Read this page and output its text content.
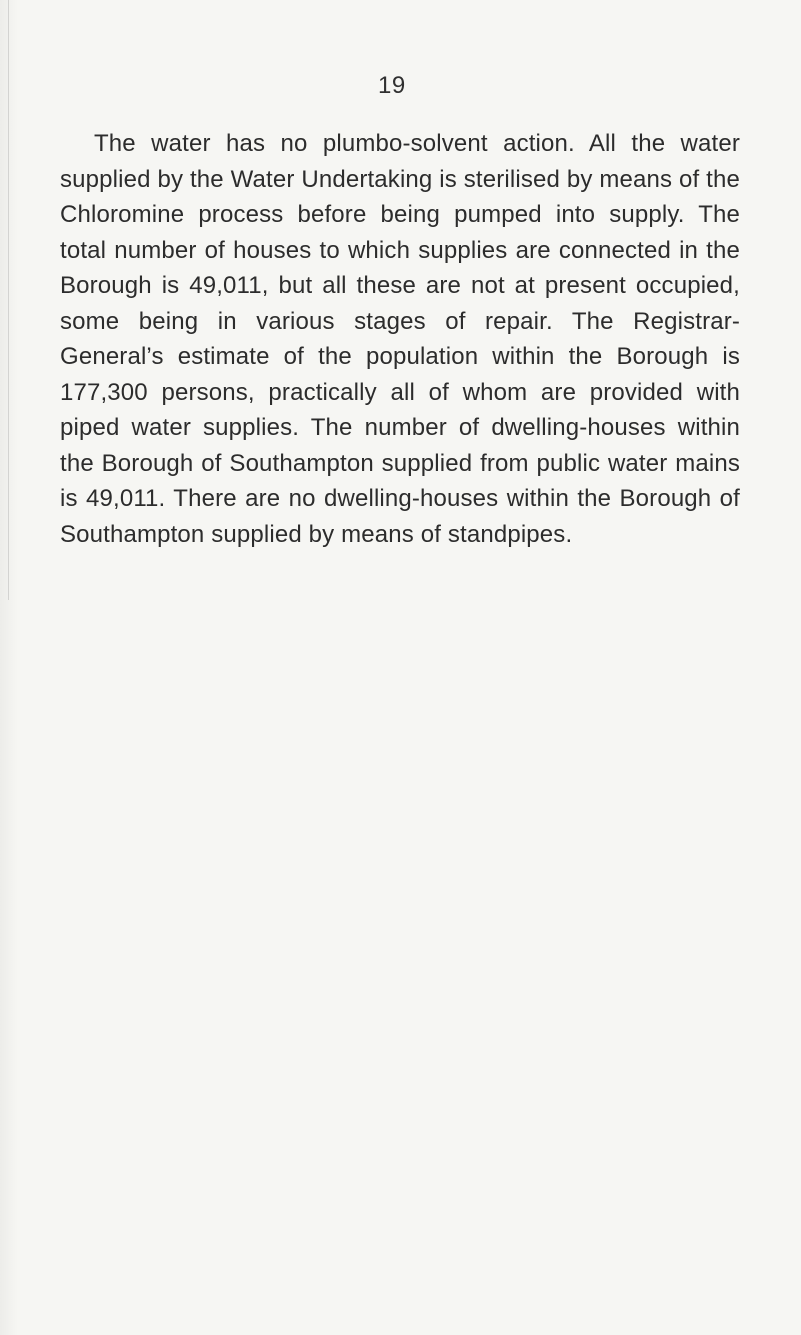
19

The water has no plumbo-solvent action. All the water supplied by the Water Undertaking is sterilised by means of the Chloromine process before being pumped into supply. The total number of houses to which supplies are connected in the Borough is 49,011, but all these are not at present occupied, some being in various stages of repair. The Registrar-General’s estimate of the population within the Borough is 177,300 persons, practically all of whom are provided with piped water supplies. The number of dwelling-houses within the Borough of Southampton supplied from public water mains is 49,011. There are no dwelling-houses within the Borough of Southampton supplied by means of standpipes.
